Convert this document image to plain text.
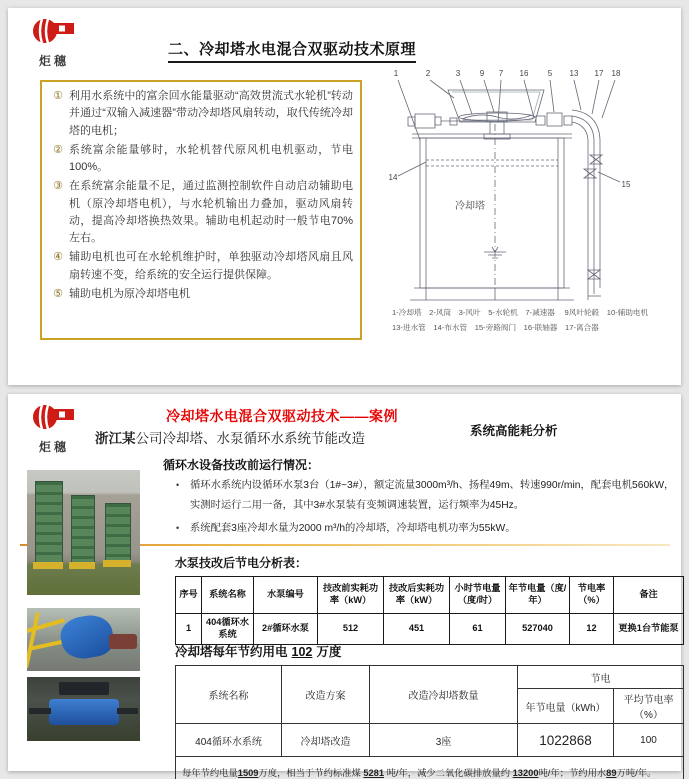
炬穗
二、冷却塔水电混合双驱动技术原理
① 利用水系统中的富余回水能量驱动“高效贯流式水轮机”转动并通过“双输入减速器”带动冷却塔风扇转动，取代传统冷却塔的电机；
② 系统富余能量够时，水轮机替代原风机电机驱动，节电100%。
③ 在系统富余能量不足，通过监测控制软件自动启动辅助电机（原冷却塔电机），与水轮机输出力叠加，驱动风扇转动，提高冷却塔换热效果。辅助电机起动时一般节电70%左右。
④ 辅助电机也可在水轮机维护时，单独驱动冷却塔风扇且风扇转速不变，给系统的安全运行提供保障。
⑤ 辅助电机为原冷却塔电机
1	2	3 9 7 16 5 13 17 18
14
15
冷却塔
1-冷却塔　2-风筒　3-风叶　5-水轮机　7-减速器　 9风叶轮毂　10-辅助电机
13-进水管　14-布水管　15-旁路阀门　16-联轴器　17-离合器
炬穗
冷却塔水电混合双驱动技术——案例
系统高能耗分析
浙江某公司冷却塔、水泵循环水系统节能改造
循环水设备技改前运行情况：
•	循环水系统内设循环水泵3台（1#~3#），额定流量3000m³/h、扬程49m、转速990r/min，配套电机560kW，实测时运行二用一备，其中3#水泵装有变频调速装置，运行频率为45Hz。
•	系统配套3座冷却水量为2000 m³/h的冷却塔，冷却塔电机功率为55kW。
水泵技改后节电分析表：
序号	系统名称	水泵编号	技改前实耗功率（kW）	技改后实耗功率（kW）	小时节电量（度/时）	年节电量（度/年）	节电率（%）	备注
1	404循环水系统	2#循环水泵	512	451	61	527040	12	更换1台节能泵
冷却塔每年节约用电 102 万度
系统名称	改造方案	改造冷却塔数量	节电	
			年节电量（kWh）	平均节电率（%）
404循环水系统	冷却塔改造	3座	1022868	100
每年节约电量1509万度，相当于节约标准煤 5281 吨/年，减少二氧化碳排放量约 13200吨/年；节约用水89万吨/年。				
